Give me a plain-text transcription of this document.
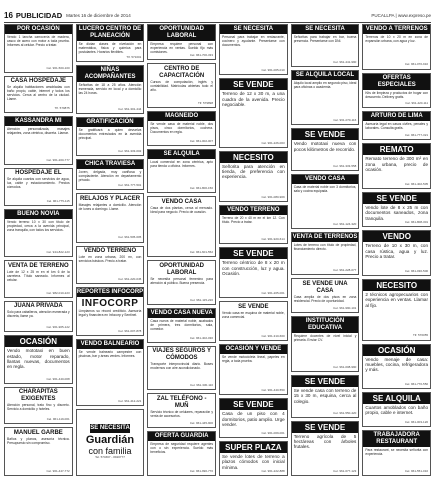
16 PUBLICIDAD Martes 16 de diciembre de 2014	PUCALLPA | www.expreso.pe
POR OCASIÓN
Vendo 1 lancha carrocería de madera, casco de acero con motor a toda prueba. Informes al celular. Precio a tratar.
Cel. 961-500-100
CASA HOSPEDAJE
Se alquila habitaciones amobladas con baño propio, cable, internet y todos los servicios. Cerca al centro de la ciudad. Llame.
Tlf. 579875
KASSANDRA MI
Atención personalizada, masajes relajantes, zona céntrica, discreta. Llamar.
Cel. 961-200-777
HOSPEDAJE EL
Se alquila cuartos con servicios de agua, luz, cable y estacionamiento. Precios cómodos.
Cel. 961-775-115
BUENO NOVIA
Vendo terreno 10 x 30 con título de propiedad, cerca a la avenida principal, zona tranquila, con todos los servicios.
Cel. 944-822-123
VENTA DE TERRENO
Lote de 12 x 25 m en el km 6 de la carretera. Título saneado. Informes al celular.
Cel. 982-010-223
JUANA PRIVADA
Solo para caballeros, atención esmerada y discreta, llame ya.
Cel. 961-905-122
OCASIÓN
Vendo mototaxi en buen estado, motor reparado, llantas nuevas, documentos en regla.
Cel. 961-440-008
CHARAPITAS EXIGENTES
Atención personal, trato fino y discreto. Servicio a domicilio y hoteles.
Cel. 961-119-001
MANUEL GARBE
Baños y planos, asesoría técnica. Presupuesto sin compromiso.
Cel. 961-447-772
LUCERO CENTRO DE PLANEACIÓN
Se dictan clases de nivelación en matemática, física y química para postulantes. Horarios flexibles.
Tlf. 571001
NIÑAS ACOMPAÑANTES
Señoritas de 18 a 25 años. Atención esmerada, servicio en local y a domicilio las 24 horas.
Cel. 961-301-444
GRATIFICACIÓN
Se gratificará a quien devuelva documentos extraviados en la avenida principal.
Cel. 961-333-002
CHICA TRAVIESA
Joven, delgada, muy cariñosa y complaciente. Atención en departamento privado.
Cel. 961-777-501
RELAJOS Y PLACER
Masajes relajantes a domicilio. Atención de lunes a domingo. Llame.
Cel. 961-505-605
VENDO TERRENO
Lote en zona urbana, 200 m², con servicios básicos. Precio a tratar.
Cel. 961-220-045
REPORTES INFOCORP
INFOCORP
Limpiamos su récord crediticio. Asesoría legal y financiera en Infocorp y Sentinel.
Cel. 961-007-878
VENDO BALNEARIO
Se vende balneario campestre con piscinas, bar y áreas verdes. Informes.
Cel. 961-412-221
SE NECESITA
Guardián
con familia
Tel. 574667 - #920777
OPORTUNIDAD LABORAL
Empresa requiere personal con experiencia en ventas. Sueldo fijo más comisiones.
Cel. 961-700-333
CENTRO DE CAPACITACIÓN
Cursos de computación, inglés y contabilidad. Matrículas abiertas todo el año.
Tlf. 579898
MAGNEIDO
Se vende casa de material noble, dos pisos, cinco dormitorios, cochera. Documentos en regla.
Cel. 961-002-007
SE ALQUILA
Local comercial en zona céntrica, apto para tienda u oficina. Informes.
Cel. 961-800-150
VENDO CASA
Casa de dos plantas, cerca al mercado. Ideal para negocio. Precio de ocasión.
Cel. 961-601-552
OPORTUNIDAD LABORAL
Se necesita personal femenino para atención al público. Buena presencia.
Cel. 961-115-220
VENDO CASA NUEVA
Casa nueva de material noble, acabados de primera, tres dormitorios, sala, comedor.
Cel. 961-402-030
VIAJES SEGUROS Y CÓMODOS
Transporte interprovincial diario. Buses modernos con aire acondicionado.
Cel. 961-330-110
ZAL TELÉFONO - MUÑ
Servicio técnico de celulares, reparación y venta de accesorios.
Cel. 961-445-900
OFERTA GUARDIA
Empresa de seguridad requiere agentes con o sin experiencia. Sueldo más beneficios.
Cel. 961-990-770
SE NECESITA
Personal para trabajar en restaurante, cocinero y ayudante. Presentarse con documentos.
Cel. 961-005-010
SE VENDE
Terreno de 12 x 30 m, a una cuadra de la avenida. Precio negociable.
Cel. 961-226-003
NECESITO
Señorita para atención en tienda, de preferencia con experiencia.
Cel. 961-080-909
VENDO TERRENO
Terreno de 20 x 40 m en el km 12. Con título. Precio a tratar.
Cel. 961-920-614
SE VENDE
Terreno céntrico de 8 x 20 m con construcción, luz y agua. Ocasión.
Cel. 961-205-001
SE VENDE
Vendo casa en esquina de material noble, zona comercial.
Cel. 961-310-660
OCASIÓN Y VENDE
Se vende motocicleta lineal, papeles en regla, a toda prueba.
Cel. 961-440-550
SE VENDE
Casa de un piso con 4 dormitorios, patio amplio. Urge vender.
Cel. 961-009-001
SUPER PLAZA
Se vende lotes de terreno a plazos cómodos con inicial mínima.
Cel. 961-222-888
SE NECESITA
Señoritas para trabajar en bar, buena presencia. Presentarse con DNI.
Cel. 961-441-990
SE ALQUILA LOCAL
Alquilo local amplio en segundo piso, ideal para oficinas o academia.
Cel. 961-070-116
SE VENDE
Vendo mototaxi nueva con pocos kilómetros de recorrido.
Cel. 961-333-558
VENDO CASA
Casa de material noble con 3 dormitorios, sala y cocina equipada.
Cel. 961-124-320
VENTA DE TERRENOS
Lotes de terreno con título de propiedad, financiamiento directo.
Cel. 961-228-077
SE VENDE UNA CASA
Casa amplia de dos pisos en zona residencial. Precio de oportunidad.
Cel. 961-990-101
INSTITUCIÓN EDUCATIVA
Requiere docentes de nivel inicial y primaria. Enviar CV.
Cel. 961-008-990
SE VENDE
Se vende casa con terreno de 15 x 30 m, esquina, cerca al colegio.
Cel. 961-550-420
SE VENDE
Terreno agrícola de 5 hectáreas con árboles frutales.
Cel. 961-677-123
VENDO A TERRENOS
Terrenos de 10 x 20 m en zona de expansión urbana, con agua y luz.
Cel. 961-070-910
OFERTAS ESPECIALES
Kits de limpieza y productos de hogar con descuento. Delivery gratis.
Cel. 961-420-111
ARTURO DE LIMA
Asesoría legal en casos civiles, penales y laborales. Consulta gratis.
Cel. 961-777-321
REMATO
Remato terreno de 300 m² en zona urbana, precio de ocasión.
Cel. 961-402-505
SE VENDE
Vendo lote de 8 x 25 m con documentos saneados, zona tranquila.
Cel. 961-808-301
VENDO
Terreno de 10 x 30 m, con casa rústica, agua y luz. Precio a tratar.
Cel. 961-030-500
NECESITO
2 técnicos agropecuarios con experiencia en ventas. Llamar al fijo.
Tlf. 576055
OCASIÓN
Vendo menaje de casa: muebles, cocina, refrigeradora y más.
Cel. 961-770-550
SE ALQUILA
Cuartos amoblados con baño propio, cable e internet.
Cel. 961-003-120
TRABAJADORA RESTAURANT
Para restaurant, se necesita señorita con experiencia.
Cel. 961-551-010
